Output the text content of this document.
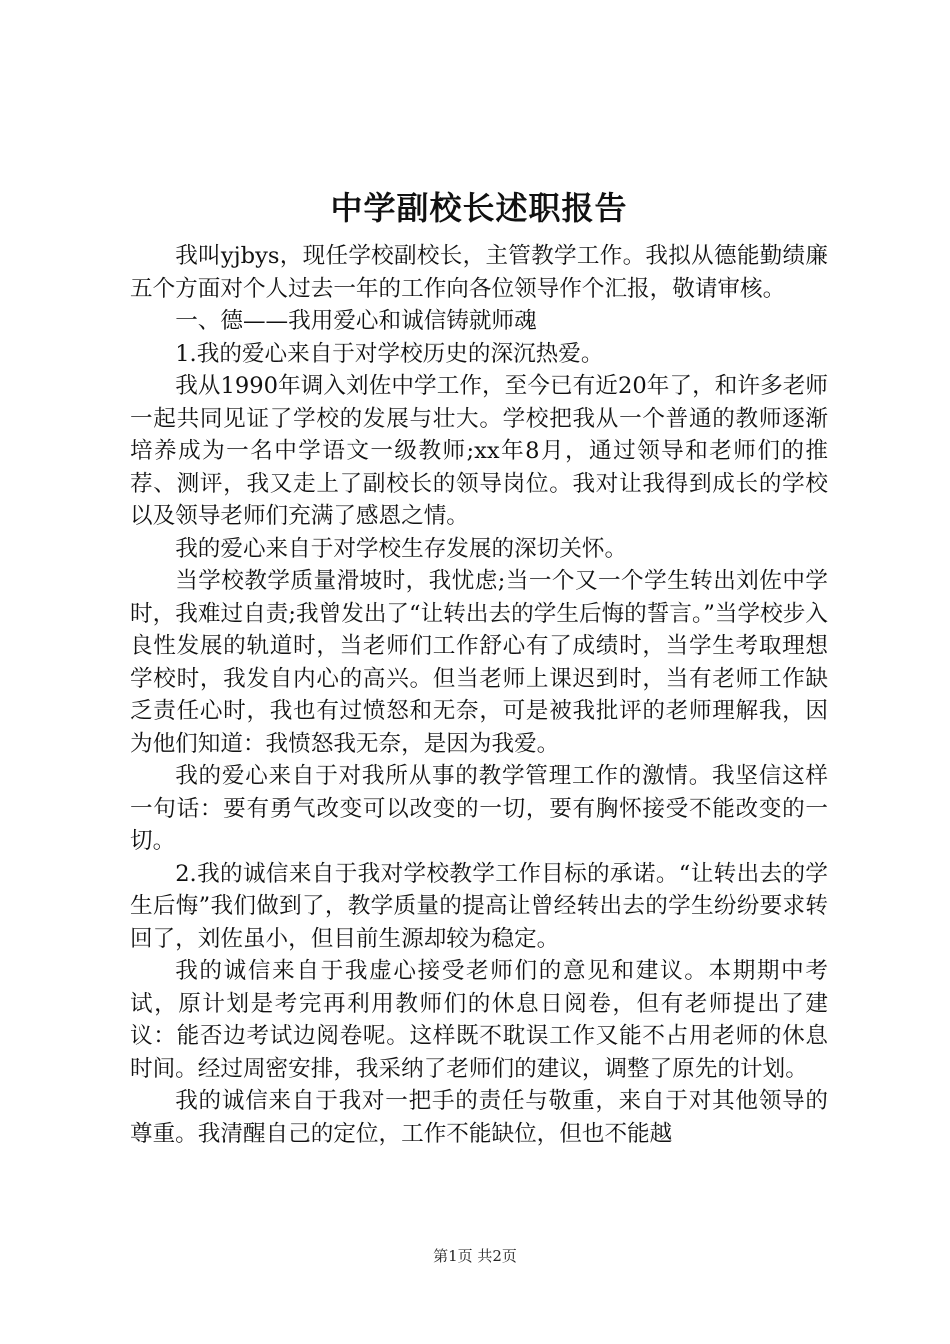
中学副校长述职报告

我叫yjbys，现任学校副校长，主管教学工作。我拟从德能勤绩廉五个方面对个人过去一年的工作向各位领导作个汇报，敬请审核。

一、德——我用爱心和诚信铸就师魂

1.我的爱心来自于对学校历史的深沉热爱。

我从1990年调入刘佐中学工作，至今已有近20年了，和许多老师一起共同见证了学校的发展与壮大。学校把我从一个普通的教师逐渐培养成为一名中学语文一级教师;xx年8月，通过领导和老师们的推荐、测评，我又走上了副校长的领导岗位。我对让我得到成长的学校以及领导老师们充满了感恩之情。

我的爱心来自于对学校生存发展的深切关怀。

当学校教学质量滑坡时，我忧虑;当一个又一个学生转出刘佐中学时，我难过自责;我曾发出了“让转出去的学生后悔的誓言。”当学校步入良性发展的轨道时，当老师们工作舒心有了成绩时，当学生考取理想学校时，我发自内心的高兴。但当老师上课迟到时，当有老师工作缺乏责任心时，我也有过愤怒和无奈，可是被我批评的老师理解我，因为他们知道：我愤怒我无奈，是因为我爱。

我的爱心来自于对我所从事的教学管理工作的激情。我坚信这样一句话：要有勇气改变可以改变的一切，要有胸怀接受不能改变的一切。

2.我的诚信来自于我对学校教学工作目标的承诺。“让转出去的学生后悔”我们做到了，教学质量的提高让曾经转出去的学生纷纷要求转回了，刘佐虽小，但目前生源却较为稳定。

我的诚信来自于我虚心接受老师们的意见和建议。本期期中考试，原计划是考完再利用教师们的休息日阅卷，但有老师提出了建议：能否边考试边阅卷呢。这样既不耽误工作又能不占用老师的休息时间。经过周密安排，我采纳了老师们的建议，调整了原先的计划。

我的诚信来自于我对一把手的责任与敬重，来自于对其他领导的尊重。我清醒自己的定位，工作不能缺位，但也不能越

第1页 共2页
